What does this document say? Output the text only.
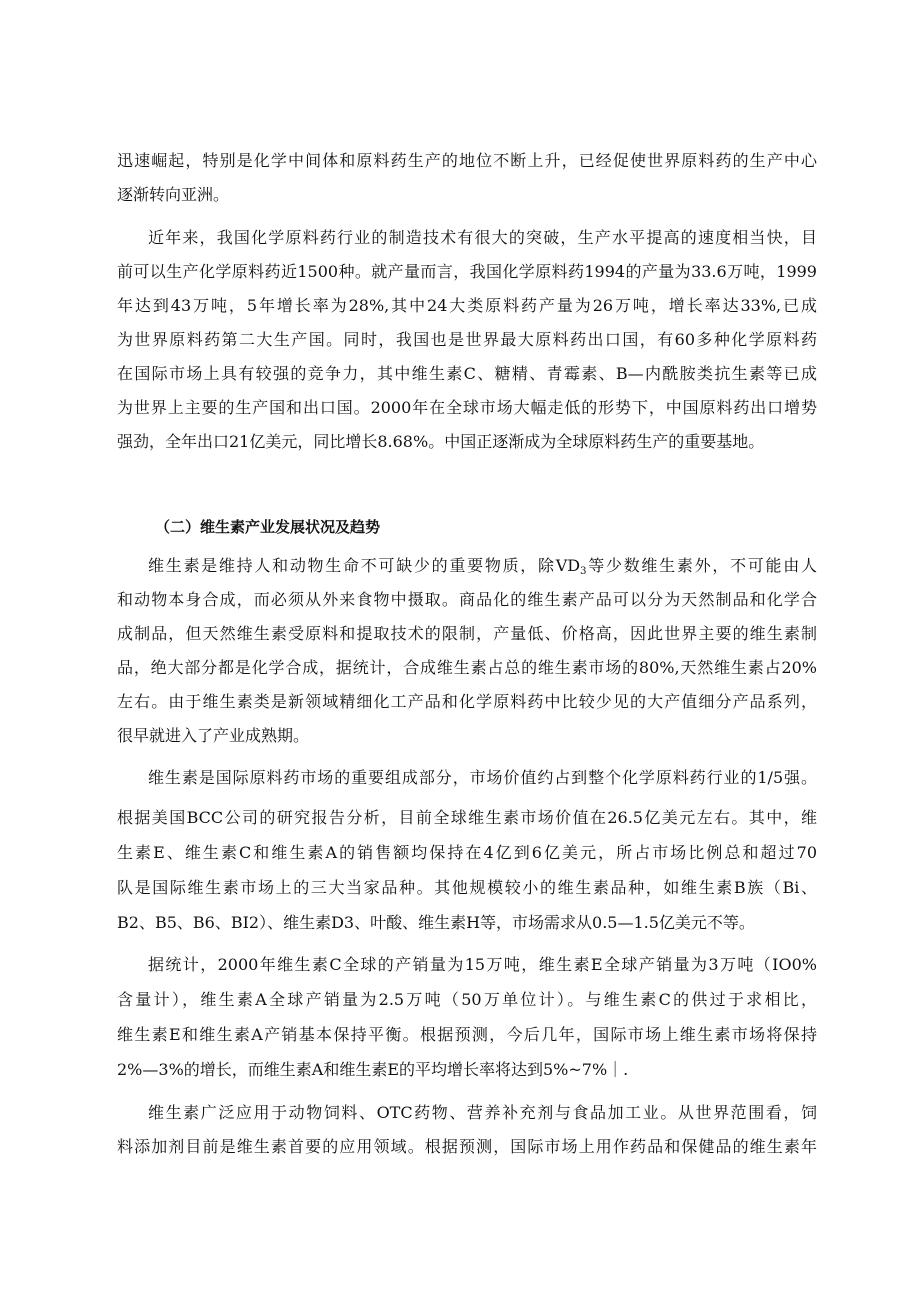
迅速崛起，特别是化学中间体和原料药生产的地位不断上升，已经促使世界原料药的生产中心
逐渐转向亚洲。
近年来，我国化学原料药行业的制造技术有很大的突破，生产水平提高的速度相当快，目
前可以生产化学原料药近1500种。就产量而言，我国化学原料药1994的产量为33.6万吨，1999
年达到43万吨，5年增长率为28%,其中24大类原料药产量为26万吨，增长率达33%,已成
为世界原料药第二大生产国。同时，我国也是世界最大原料药出口国，有60多种化学原料药
在国际市场上具有较强的竞争力，其中维生素C、糖精、青霉素、B—内酰胺类抗生素等已成
为世界上主要的生产国和出口国。2000年在全球市场大幅走低的形势下，中国原料药出口增势
强劲，全年出口21亿美元，同比增长8.68%。中国正逐渐成为全球原料药生产的重要基地。
（二）维生素产业发展状况及趋势
维生素是维持人和动物生命不可缺少的重要物质，除$VD_3$等少数维生素外，不可能由人
和动物本身合成，而必须从外来食物中摄取。商品化的维生素产品可以分为天然制品和化学合
成制品，但天然维生素受原料和提取技术的限制，产量低、价格高，因此世界主要的维生素制
品，绝大部分都是化学合成，据统计，合成维生素占总的维生素市场的80%,天然维生素占20%
左右。由于维生素类是新领域精细化工产品和化学原料药中比较少见的大产值细分产品系列，
很早就进入了产业成熟期。
维生素是国际原料药市场的重要组成部分，市场价值约占到整个化学原料药行业的1/5强。
根据美国BCC公司的研究报告分析，目前全球维生素市场价值在26.5亿美元左右。其中，维
生素E、维生素C和维生素A的销售额均保持在4亿到6亿美元，所占市场比例总和超过70
队是国际维生素市场上的三大当家品种。其他规模较小的维生素品种，如维生素B族（Bi、
B2、B5、B6、BI2）、维生素D3、叶酸、维生素H等，市场需求从0.5—1.5亿美元不等。
据统计，2000年维生素C全球的产销量为15万吨，维生素E全球产销量为3万吨（IO0%
含量计），维生素A全球产销量为2.5万吨（50万单位计）。与维生素C的供过于求相比，
维生素E和维生素A产销基本保持平衡。根据预测，今后几年，国际市场上维生素市场将保持
2%—3%的增长，而维生素A和维生素E的平均增长率将达到5%~7%｜.
维生素广泛应用于动物饲料、OTC药物、营养补充剂与食品加工业。从世界范围看，饲
料添加剂目前是维生素首要的应用领域。根据预测，国际市场上用作药品和保健品的维生素年
